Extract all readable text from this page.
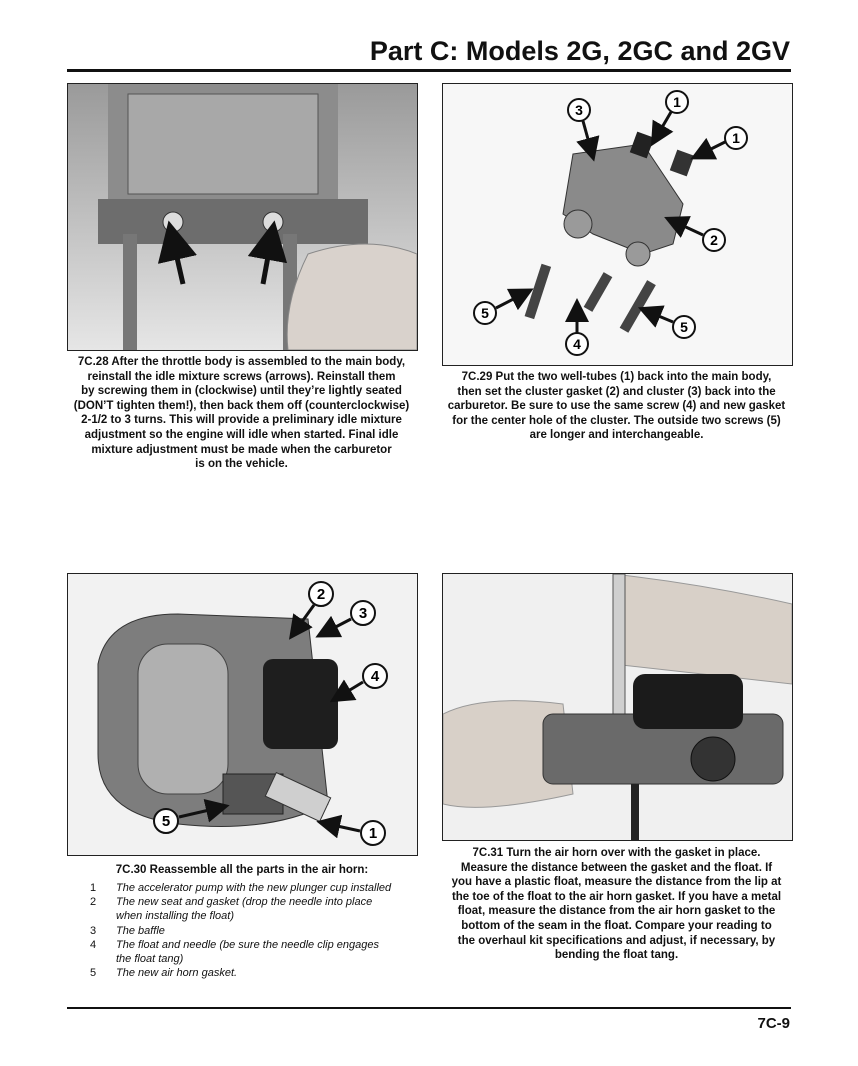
Part C: Models 2G, 2GC and 2GV
7C.28 After the throttle body is assembled to the main body,
reinstall the idle mixture screws (arrows). Reinstall them
by screwing them in (clockwise) until they’re lightly seated
(DON’T tighten them!), then back them off (counterclockwise)
2-1/2 to 3 turns. This will provide a preliminary idle mixture
adjustment so the engine will idle when started. Final idle
mixture adjustment must be made when the carburetor
is on the vehicle.
1
1
2
3
4
5
5
7C.29 Put the two well-tubes (1) back into the main body,
then set the cluster gasket (2) and cluster (3) back into the
carburetor. Be sure to use the same screw (4) and new gasket
for the center hole of the cluster. The outside two screws (5)
are longer and interchangeable.
1
2
3
4
5
7C.30 Reassemble all the parts in the air horn:
1 The accelerator pump with the new plunger cup installed
2 The new seat and gasket (drop the needle into place
when installing the float)
3 The baffle
4 The float and needle (be sure the needle clip engages
the float tang)
5 The new air horn gasket.
7C.31 Turn the air horn over with the gasket in place.
Measure the distance between the gasket and the float. If
you have a plastic float, measure the distance from the lip at
the toe of the float to the air horn gasket. If you have a metal
float, measure the distance from the air horn gasket to the
bottom of the seam in the float. Compare your reading to
the overhaul kit specifications and adjust, if necessary, by
bending the float tang.
7C-9
